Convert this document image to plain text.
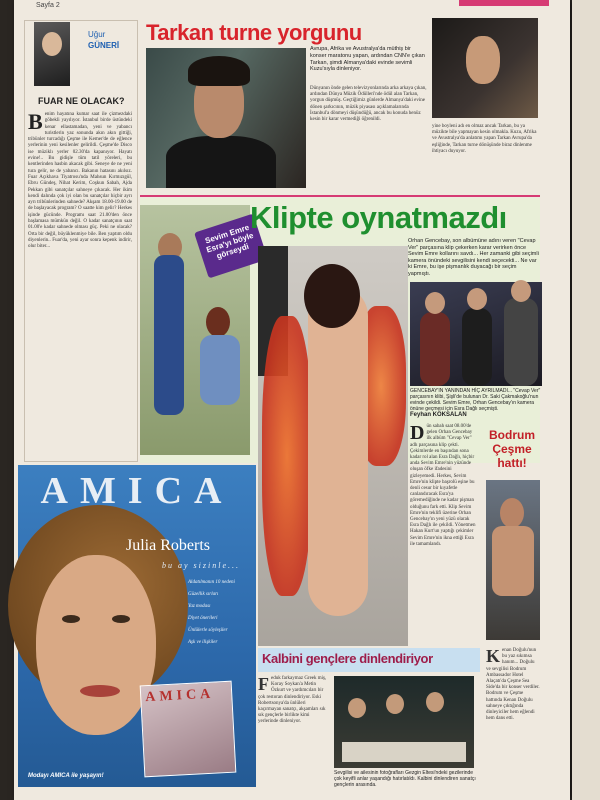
Sayfa 2
Uğur
GÜNERİ
FUAR NE OLACAK?
Benim hayatına kumar saat ile çizmezdaki göbekli yayılıyor. İstanbul birde üstündeki kenar ellastamadan, yeni ve yabancı turistlerin yaz sonunda akın akın gittiği, tribünler turcadığı Çeşme ile Kemer'de de eğlence yerlerinin yeni kesilenler gelirildi. Çeşme'de Disco ise müziklı yerler 02.30'da kapanıyor. Hayatı evine!.. Bu gidişle tüm tatil yöreleri, bu kentlerinden hasbin akacak gibi. Seneye de ne yeni tura gelir, ne de yabancı. Bakanın hatasını akılsız. Fuar Açıkhava Tiyatrosu'nda Mahsun Kırmızıgül, Ebru Gündeş, Nihat Kerim, Coşkun Sabah, Ajda Pekkan gibi sanatçılar sahneye çıkacak. Her ikim kendi dalında çok iyi olan bu sanatçılar hiçbir ayrı ayrı tribünlerinden sahnede? Akşam 18.00-19.00 de de başlayacak program? O saatte kim gelir? Herkes işinde gücünde. Programı saat 21.00'den önce başlamasa mümkün değil. O kadar sanatçının saat 01.00'e kadar sahnede olması güç. Peki ne olacak? Orta bir değil, büyüklenmiye bile. Ben yaptım oldu diyenlerin.. Fuar'da, yeni ayar sonra kepenk indirir, olur biter...
Tarkan turne yorgunu
Avrupa, Afrika ve Avustralya'da müthiş bir konser maratonu yapan, ardından CNN'e çıkan Tarkan, şimdi Almanya'daki evinde sevimli Kuzu'sıyla dinleniyor.
Dünyanın önde gelen televizyonlarında arka arkaya çıkan, ardından Dünya Müzik Ödülleri'nde ödül alan Tarkan, yorgun düşmüş. Geçtiğimiz günlerde Almanya'daki evine dönen şarkıcının, müzik piyasası açıklamalarında İstanbul'a dönmeyi düşündüğü, ancak bu konuda henüz kesin bir karar vermediği öğrenildi.
yine boyleni adı en olmaz ancak Tarkan, bu ya müzikte bile yapmayan kesin olmakla. Kuzu, Afrika ve Avustralya'da anlatımı yapan Tarkan Avrupa'da eşliğinde, Tarkan turne dönüşünde biraz dinlenme ihtiyacı duyuyor.
Sevim Emre Esra'yı böyle görseydi
Klipte oynatmazdı
Orhan Gencebay, son albümüne adını veren "Cevap Ver" parçasına klip çekerken karar verirken önce Sevim Emre kollarını savdı... Her zamanki gibi seçimli kamera önündeki sevgilisini kendi seçecekti... Ne var ki Emre, bu işe pişmanlık duyacağı bir seçim yapmıştı.
GENCEBAY'IN YANINDAN HİÇ AYRILMADI... "Cevap Ver" parçasının klibi, Şişli'de bulunan Dr. Saki Çakmakoğlu'nun evinde çekildi. Sevim Emre, Orhan Gencebay'ın kamera önüne geçmesi için Esra Dağlı seçmişti.
Feyhan KÖKSALAN
Dün sabah saat 08.00'de gelen Orhan Gencebay ilk albüm "Cevap Ver" adlı parçasına klip çekti. Çekimlerde en başından sona kadar rol alan Esra Dağlı, hiçbir anda Sevim Emre'nin yüzünde oluşan öfke ifadesini gizleyemedi. Herkes, Sevim Emre'nin klipte başrolü eşine bu denli cesur bir kıyafetle canlandıracak Esra'ya göremediğinde ne kadar pişman olduğunu fark etti. Klip Sevim Emre'nin teklifi üzerine Orhan Gencebay'ın yeni yüzü olarak Esra Dağlı ile çekildi. Yönetmen Hakan Kurt'un yaptığı çekimler Sevim Emre'nin ikna ettiği Esra ile tamamlandı.
Bodrum Çeşme hattı!
Kenan Doğulu'nun bu yaz sıkımsa hanım... Doğulu ve sevgilisi Bodrum Ambassador Hotel Alaçatı'da Çeşme Sea Side'da bir konser verdiler. Bodrum ve Çeşme hattında Kenan Doğulu sahneye çıktığında dinleyiciler hem eğlendi hem dans etti.
AMICA
Julia Roberts
bu ay sizinle...
Aldatılmanın 10 nedeni
Güzellik sırları
Yaz modası
Diyet önerileri
Ünlülerle söyleşiler
Aşk ve ilişkiler
AMICA
Modayı AMICA ile yaşayın!
Kalbini gençlere dinlendiriyor
Feduk farkaymaz Greek miş, Koray Soykan'a Metin Özkurt ve yardımcıları bir çok restoran dinlendiriyor. Eski Robertsonya'da ünlüleri kaçırmayan sanatçı, akşamları sık sık gençlerle birlikte kimi yerlerinde dinleniyor.
Sevgilisi ve ailesinin fotoğrafları Gezgin Eltesi'ndeki gezilerinde çok keyifli anlar yaşandığı hatırlatıldı. Kalbini dinlendiren sanatçı gençlerin arasında.
